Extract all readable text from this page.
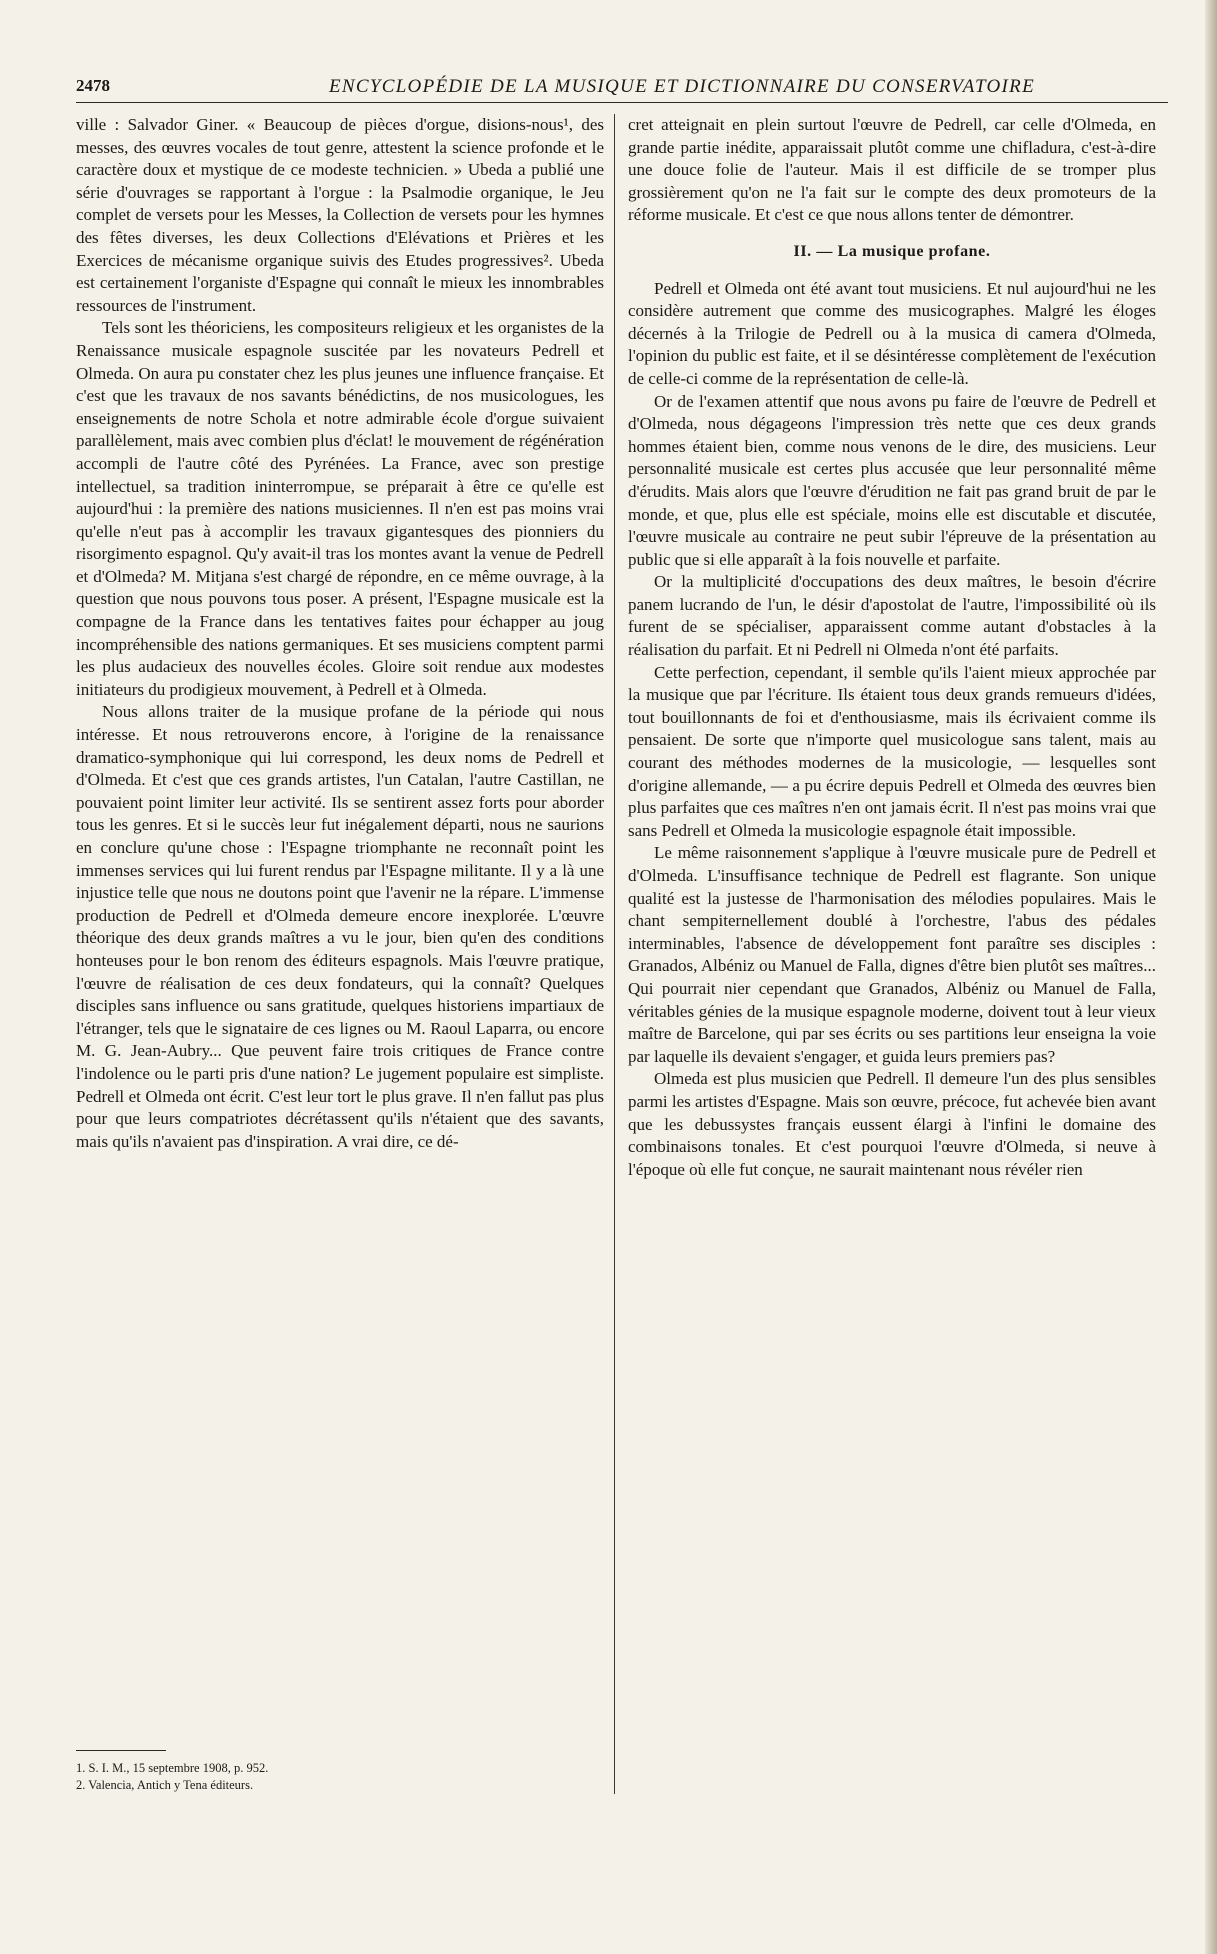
2478	ENCYCLOPÉDIE DE LA MUSIQUE ET DICTIONNAIRE DU CONSERVATOIRE

ville : Salvador Giner. « Beaucoup de pièces d'orgue, disions-nous¹, des messes, des œuvres vocales de tout genre, attestent la science profonde et le caractère doux et mystique de ce modeste technicien. » Ubeda a publié une série d'ouvrages se rapportant à l'orgue : la Psalmodie organique, le Jeu complet de versets pour les Messes, la Collection de versets pour les hymnes des fêtes diverses, les deux Collections d'Elévations et Prières et les Exercices de mécanisme organique suivis des Etudes progressives². Ubeda est certainement l'organiste d'Espagne qui connaît le mieux les innombrables ressources de l'instrument.

Tels sont les théoriciens, les compositeurs religieux et les organistes de la Renaissance musicale espagnole suscitée par les novateurs Pedrell et Olmeda. On aura pu constater chez les plus jeunes une influence française. Et c'est que les travaux de nos savants bénédictins, de nos musicologues, les enseignements de notre Schola et notre admirable école d'orgue suivaient parallèlement, mais avec combien plus d'éclat! le mouvement de régénération accompli de l'autre côté des Pyrénées. La France, avec son prestige intellectuel, sa tradition ininterrompue, se préparait à être ce qu'elle est aujourd'hui : la première des nations musiciennes. Il n'en est pas moins vrai qu'elle n'eut pas à accomplir les travaux gigantesques des pionniers du risorgimento espagnol. Qu'y avait-il tras los montes avant la venue de Pedrell et d'Olmeda? M. Mitjana s'est chargé de répondre, en ce même ouvrage, à la question que nous pouvons tous poser. A présent, l'Espagne musicale est la compagne de la France dans les tentatives faites pour échapper au joug incompréhensible des nations germaniques. Et ses musiciens comptent parmi les plus audacieux des nouvelles écoles. Gloire soit rendue aux modestes initiateurs du prodigieux mouvement, à Pedrell et à Olmeda.

Nous allons traiter de la musique profane de la période qui nous intéresse. Et nous retrouverons encore, à l'origine de la renaissance dramatico-symphonique qui lui correspond, les deux noms de Pedrell et d'Olmeda. Et c'est que ces grands artistes, l'un Catalan, l'autre Castillan, ne pouvaient point limiter leur activité. Ils se sentirent assez forts pour aborder tous les genres. Et si le succès leur fut inégalement départi, nous ne saurions en conclure qu'une chose : l'Espagne triomphante ne reconnaît point les immenses services qui lui furent rendus par l'Espagne militante. Il y a là une injustice telle que nous ne doutons point que l'avenir ne la répare. L'immense production de Pedrell et d'Olmeda demeure encore inexplorée. L'œuvre théorique des deux grands maîtres a vu le jour, bien qu'en des conditions honteuses pour le bon renom des éditeurs espagnols. Mais l'œuvre pratique, l'œuvre de réalisation de ces deux fondateurs, qui la connaît? Quelques disciples sans influence ou sans gratitude, quelques historiens impartiaux de l'étranger, tels que le signataire de ces lignes ou M. Raoul Laparra, ou encore M. G. Jean-Aubry... Que peuvent faire trois critiques de France contre l'indolence ou le parti pris d'une nation? Le jugement populaire est simpliste. Pedrell et Olmeda ont écrit. C'est leur tort le plus grave. Il n'en fallut pas plus pour que leurs compatriotes décrétassent qu'ils n'étaient que des savants, mais qu'ils n'avaient pas d'inspiration. A vrai dire, ce dé-

cret atteignait en plein surtout l'œuvre de Pedrell, car celle d'Olmeda, en grande partie inédite, apparaissait plutôt comme une chifladura, c'est-à-dire une douce folie de l'auteur. Mais il est difficile de se tromper plus grossièrement qu'on ne l'a fait sur le compte des deux promoteurs de la réforme musicale. Et c'est ce que nous allons tenter de démontrer.

II. — La musique profane.

Pedrell et Olmeda ont été avant tout musiciens. Et nul aujourd'hui ne les considère autrement que comme des musicographes. Malgré les éloges décernés à la Trilogie de Pedrell ou à la musica di camera d'Olmeda, l'opinion du public est faite, et il se désintéresse complètement de l'exécution de celle-ci comme de la représentation de celle-là.

Or de l'examen attentif que nous avons pu faire de l'œuvre de Pedrell et d'Olmeda, nous dégageons l'impression très nette que ces deux grands hommes étaient bien, comme nous venons de le dire, des musiciens. Leur personnalité musicale est certes plus accusée que leur personnalité même d'érudits. Mais alors que l'œuvre d'érudition ne fait pas grand bruit de par le monde, et que, plus elle est spéciale, moins elle est discutable et discutée, l'œuvre musicale au contraire ne peut subir l'épreuve de la présentation au public que si elle apparaît à la fois nouvelle et parfaite.

Or la multiplicité d'occupations des deux maîtres, le besoin d'écrire panem lucrando de l'un, le désir d'apostolat de l'autre, l'impossibilité où ils furent de se spécialiser, apparaissent comme autant d'obstacles à la réalisation du parfait. Et ni Pedrell ni Olmeda n'ont été parfaits.

Cette perfection, cependant, il semble qu'ils l'aient mieux approchée par la musique que par l'écriture. Ils étaient tous deux grands remueurs d'idées, tout bouillonnants de foi et d'enthousiasme, mais ils écrivaient comme ils pensaient. De sorte que n'importe quel musicologue sans talent, mais au courant des méthodes modernes de la musicologie, — lesquelles sont d'origine allemande, — a pu écrire depuis Pedrell et Olmeda des œuvres bien plus parfaites que ces maîtres n'en ont jamais écrit. Il n'est pas moins vrai que sans Pedrell et Olmeda la musicologie espagnole était impossible.

Le même raisonnement s'applique à l'œuvre musicale pure de Pedrell et d'Olmeda. L'insuffisance technique de Pedrell est flagrante. Son unique qualité est la justesse de l'harmonisation des mélodies populaires. Mais le chant sempiternellement doublé à l'orchestre, l'abus des pédales interminables, l'absence de développement font paraître ses disciples : Granados, Albéniz ou Manuel de Falla, dignes d'être bien plutôt ses maîtres... Qui pourrait nier cependant que Granados, Albéniz ou Manuel de Falla, véritables génies de la musique espagnole moderne, doivent tout à leur vieux maître de Barcelone, qui par ses écrits ou ses partitions leur enseigna la voie par laquelle ils devaient s'engager, et guida leurs premiers pas?

Olmeda est plus musicien que Pedrell. Il demeure l'un des plus sensibles parmi les artistes d'Espagne. Mais son œuvre, précoce, fut achevée bien avant que les debussystes français eussent élargi à l'infini le domaine des combinaisons tonales. Et c'est pourquoi l'œuvre d'Olmeda, si neuve à l'époque où elle fut conçue, ne saurait maintenant nous révéler rien

1. S. I. M., 15 septembre 1908, p. 952.
2. Valencia, Antich y Tena éditeurs.
